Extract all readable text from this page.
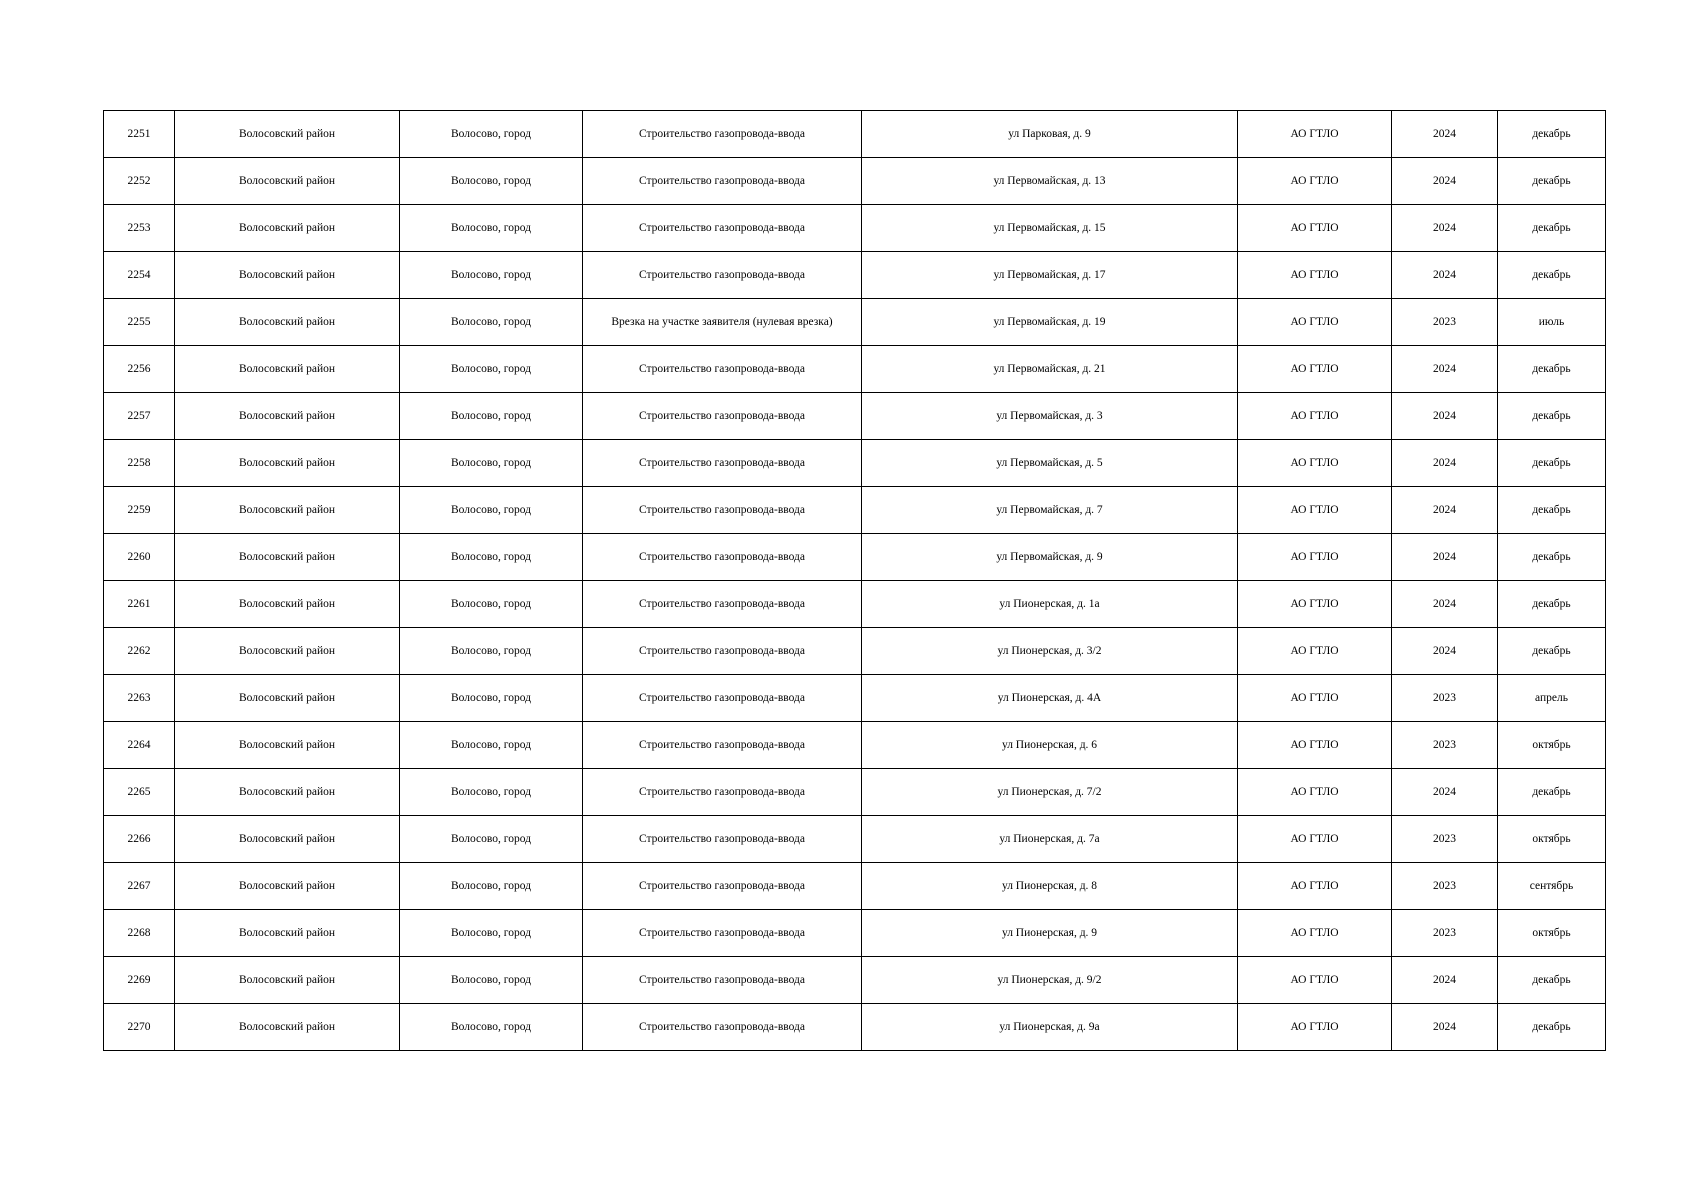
2251	Волосовский район	Волосово, город	Строительство газопровода-ввода	ул Парковая, д. 9	АО ГТЛО	2024	декабрь
2252	Волосовский район	Волосово, город	Строительство газопровода-ввода	ул Первомайская, д. 13	АО ГТЛО	2024	декабрь
2253	Волосовский район	Волосово, город	Строительство газопровода-ввода	ул Первомайская, д. 15	АО ГТЛО	2024	декабрь
2254	Волосовский район	Волосово, город	Строительство газопровода-ввода	ул Первомайская, д. 17	АО ГТЛО	2024	декабрь
2255	Волосовский район	Волосово, город	Врезка на участке заявителя (нулевая врезка)	ул Первомайская, д. 19	АО ГТЛО	2023	июль
2256	Волосовский район	Волосово, город	Строительство газопровода-ввода	ул Первомайская, д. 21	АО ГТЛО	2024	декабрь
2257	Волосовский район	Волосово, город	Строительство газопровода-ввода	ул Первомайская, д. 3	АО ГТЛО	2024	декабрь
2258	Волосовский район	Волосово, город	Строительство газопровода-ввода	ул Первомайская, д. 5	АО ГТЛО	2024	декабрь
2259	Волосовский район	Волосово, город	Строительство газопровода-ввода	ул Первомайская, д. 7	АО ГТЛО	2024	декабрь
2260	Волосовский район	Волосово, город	Строительство газопровода-ввода	ул Первомайская, д. 9	АО ГТЛО	2024	декабрь
2261	Волосовский район	Волосово, город	Строительство газопровода-ввода	ул Пионерская, д. 1а	АО ГТЛО	2024	декабрь
2262	Волосовский район	Волосово, город	Строительство газопровода-ввода	ул Пионерская, д. 3/2	АО ГТЛО	2024	декабрь
2263	Волосовский район	Волосово, город	Строительство газопровода-ввода	ул Пионерская, д. 4А	АО ГТЛО	2023	апрель
2264	Волосовский район	Волосово, город	Строительство газопровода-ввода	ул Пионерская, д. 6	АО ГТЛО	2023	октябрь
2265	Волосовский район	Волосово, город	Строительство газопровода-ввода	ул Пионерская, д. 7/2	АО ГТЛО	2024	декабрь
2266	Волосовский район	Волосово, город	Строительство газопровода-ввода	ул Пионерская, д. 7а	АО ГТЛО	2023	октябрь
2267	Волосовский район	Волосово, город	Строительство газопровода-ввода	ул Пионерская, д. 8	АО ГТЛО	2023	сентябрь
2268	Волосовский район	Волосово, город	Строительство газопровода-ввода	ул Пионерская, д. 9	АО ГТЛО	2023	октябрь
2269	Волосовский район	Волосово, город	Строительство газопровода-ввода	ул Пионерская, д. 9/2	АО ГТЛО	2024	декабрь
2270	Волосовский район	Волосово, город	Строительство газопровода-ввода	ул Пионерская, д. 9а	АО ГТЛО	2024	декабрь
